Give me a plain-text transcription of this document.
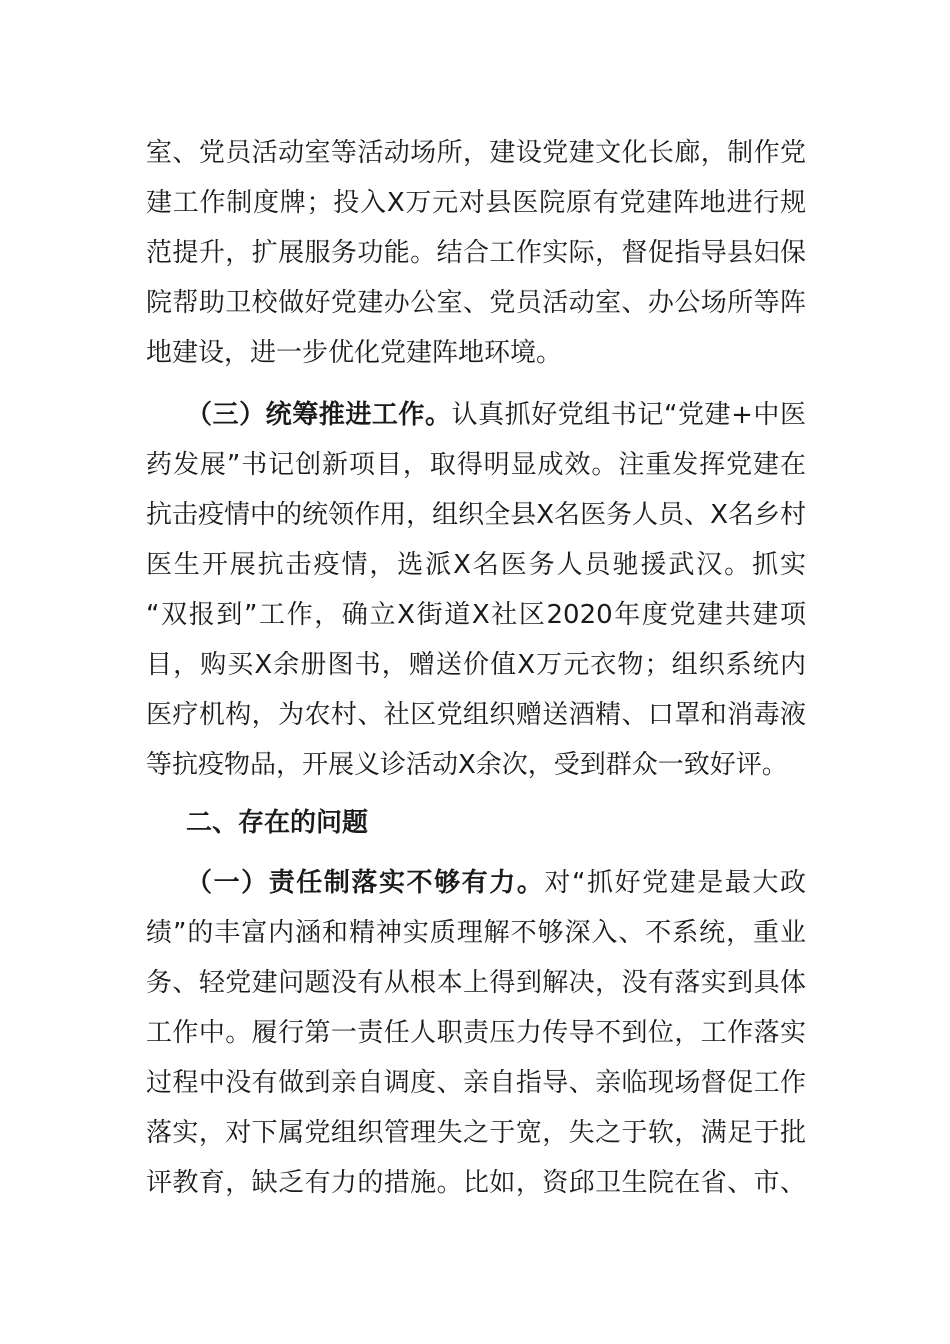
室、党员活动室等活动场所，建设党建文化长廊，制作党
建工作制度牌；投入X万元对县医院原有党建阵地进行规
范提升，扩展服务功能。结合工作实际，督促指导县妇保
院帮助卫校做好党建办公室、党员活动室、办公场所等阵
地建设，进一步优化党建阵地环境。
（三）统筹推进工作。认真抓好党组书记“党建+中医
药发展”书记创新项目，取得明显成效。注重发挥党建在
抗击疫情中的统领作用，组织全县X名医务人员、X名乡村
医生开展抗击疫情，选派X名医务人员驰援武汉。抓实
“双报到”工作，确立X街道X社区2020年度党建共建项
目，购买X余册图书，赠送价值X万元衣物；组织系统内
医疗机构，为农村、社区党组织赠送酒精、口罩和消毒液
等抗疫物品，开展义诊活动X余次，受到群众一致好评。
二、存在的问题
（一）责任制落实不够有力。对“抓好党建是最大政
绩”的丰富内涵和精神实质理解不够深入、不系统，重业
务、轻党建问题没有从根本上得到解决，没有落实到具体
工作中。履行第一责任人职责压力传导不到位，工作落实
过程中没有做到亲自调度、亲自指导、亲临现场督促工作
落实，对下属党组织管理失之于宽，失之于软，满足于批
评教育，缺乏有力的措施。比如，资邱卫生院在省、市、
